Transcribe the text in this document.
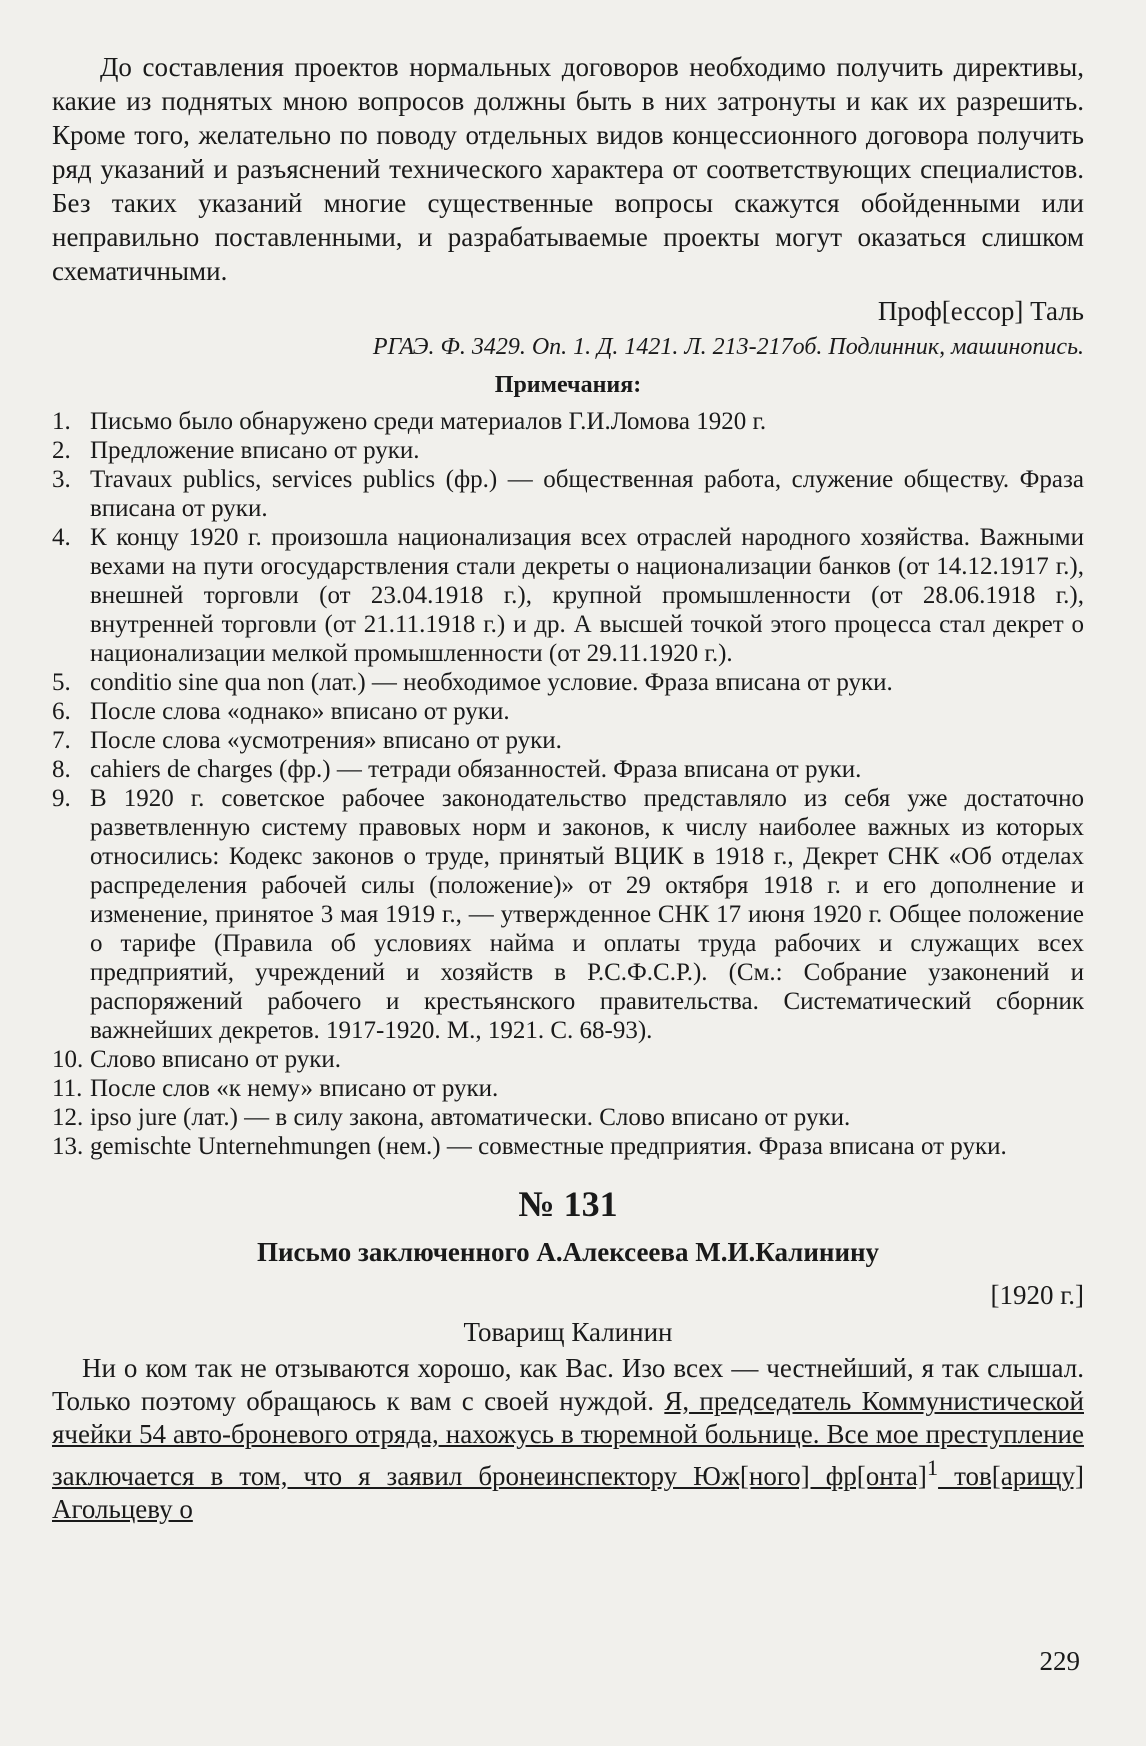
До составления проектов нормальных договоров необходимо получить директивы, какие из поднятых мною вопросов должны быть в них затронуты и как их разрешить. Кроме того, желательно по поводу отдельных видов концессионного договора получить ряд указаний и разъяснений технического характера от соответствующих специалистов. Без таких указаний многие существенные вопросы скажутся обойденными или неправильно поставленными, и разрабатываемые проекты могут оказаться слишком схематичными.

Проф[ессор] Таль

РГАЭ. Ф. 3429. Оп. 1. Д. 1421. Л. 213-217об. Подлинник, машинопись.

Примечания:
1. Письмо было обнаружено среди материалов Г.И.Ломова 1920 г.
2. Предложение вписано от руки.
3. Travaux publics, services publics (фр.) — общественная работа, служение обществу. Фраза вписана от руки.
4. К концу 1920 г. произошла национализация всех отраслей народного хозяйства. Важными вехами на пути огосударствления стали декреты о национализации банков (от 14.12.1917 г.), внешней торговли (от 23.04.1918 г.), крупной промышленности (от 28.06.1918 г.), внутренней торговли (от 21.11.1918 г.) и др. А высшей точкой этого процесса стал декрет о национализации мелкой промышленности (от 29.11.1920 г.).
5. conditio sine qua non (лат.) — необходимое условие. Фраза вписана от руки.
6. После слова «однако» вписано от руки.
7. После слова «усмотрения» вписано от руки.
8. cahiers de charges (фр.) — тетради обязанностей. Фраза вписана от руки.
9. В 1920 г. советское рабочее законодательство представляло из себя уже достаточно разветвленную систему правовых норм и законов, к числу наиболее важных из которых относились: Кодекс законов о труде, принятый ВЦИК в 1918 г., Декрет СНК «Об отделах распределения рабочей силы (положение)» от 29 октября 1918 г. и его дополнение и изменение, принятое 3 мая 1919 г., — утвержденное СНК 17 июня 1920 г. Общее положение о тарифе (Правила об условиях найма и оплаты труда рабочих и служащих всех предприятий, учреждений и хозяйств в Р.С.Ф.С.Р.). (См.: Собрание узаконений и распоряжений рабочего и крестьянского правительства. Систематический сборник важнейших декретов. 1917-1920. М., 1921. С. 68-93).
10. Слово вписано от руки.
11. После слов «к нему» вписано от руки.
12. ipso jure (лат.) — в силу закона, автоматически. Слово вписано от руки.
13. gemischte Unternehmungen (нем.) — совместные предприятия. Фраза вписана от руки.
№ 131
Письмо заключенного А.Алексеева М.И.Калинину

[1920 г.]

Товарищ Калинин

Ни о ком так не отзываются хорошо, как Вас. Изо всех — честнейший, я так слышал. Только поэтому обращаюсь к вам с своей нуждой. Я, председатель Коммунистической ячейки 54 авто-броневого отряда, нахожусь в тюремной больнице. Все мое преступление заключается в том, что я заявил бронеинспектору Юж[ного] фр[онта]$^1$ тов[арищу] Агольцеву о

229
